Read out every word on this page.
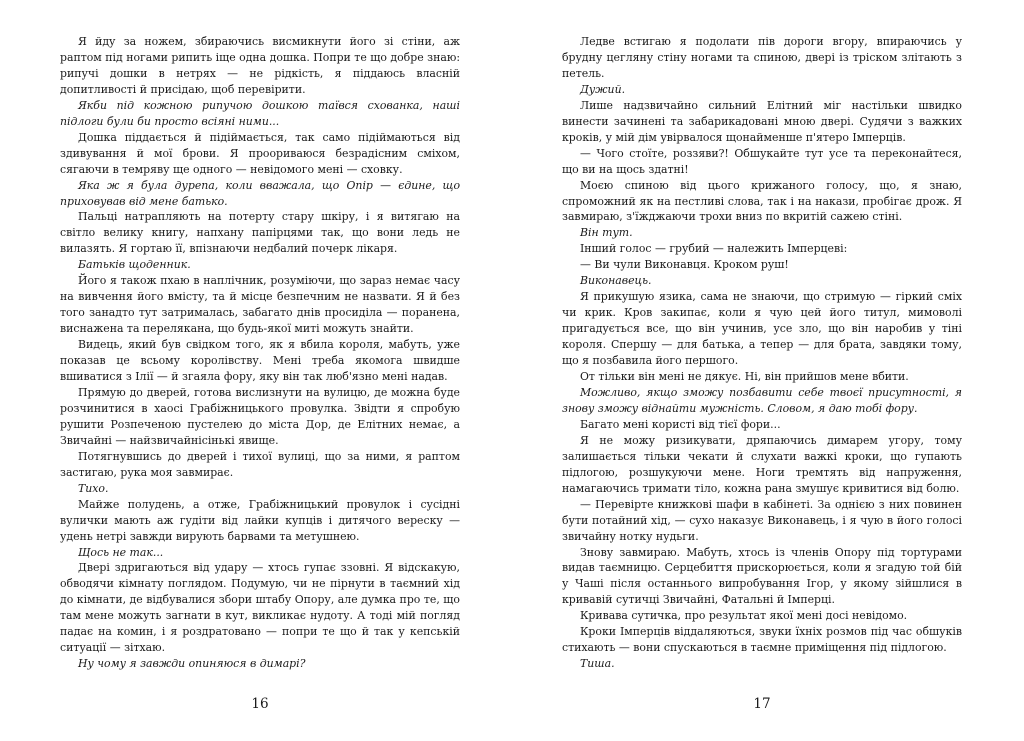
Я йду за ножем, збираючись висмикнути його зі стіни, аж раптом під ногами рипить іще одна дошка. Попри те що добре знаю: рипучі дошки в нетрях — не рідкість, я піддаюсь власній допитливості й присідаю, щоб перевірити.

Якби під кожною рипучою дошкою таївся схованка, наші підлоги були би просто всіяні ними...

Дошка піддається й підіймається, так само підіймаються від здивування й мої брови. Я проориваюся безрадісним сміхом, сягаючи в темряву ще одного — невідомого мені — сховку.

Яка ж я була дурепа, коли вважала, що Опір — єдине, що приховував від мене батько.

Пальці натрапляють на потерту стару шкіру, і я витягаю на світло велику книгу, напхану папірцями так, що вони ледь не вилазять. Я гортаю її, впізнаючи недбалий почерк лікаря.

Батьків щоденник.

Його я також пхаю в наплічник, розуміючи, що зараз немає часу на вивчення його вмісту, та й місце безпечним не назвати. Я й без того занадто тут затрималась, забагато днів просиділа — поранена, виснажена та перелякана, що будь-якої миті можуть знайти.

Видець, який був свідком того, як я вбила короля, мабуть, уже показав це всьому королівству. Мені треба якомога швидше вшиватися з Ілії — й згаяла фору, яку він так люб'язно мені надав.

Прямую до дверей, готова вислизнути на вулицю, де можна буде розчинитися в хаосі Грабіжницького провулка. Звідти я спробую рушити Розпеченою пустелею до міста Дор, де Елітних немає, а Звичайні — найзвичайнісінькі явище.

Потягнувшись до дверей і тихої вулиці, що за ними, я раптом застигаю, рука моя завмирає.

Тихо.

Майже полудень, а отже, Грабіжницький провулок і сусідні вулички мають аж гудіти від лайки купців і дитячого вереску — удень нетрі завжди вирують барвами та метушнею.

Щось не так...

Двері здригаються від удару — хтось гупає ззовні. Я відскакую, обводячи кімнату поглядом. Подумую, чи не пірнути в таємний хід до кімнати, де відбувалися збори штабу Опору, але думка про те, що там мене можуть загнати в кут, викликає нудоту. А тоді мій погляд падає на комин, і я роздратовано — попри те що й так у кепській ситуації — зітхаю.

Ну чому я завжди опиняюся в димарі?

Ледве встигаю я подолати пів дороги вгору, впираючись у брудну цегляну стіну ногами та спиною, двері із тріском злітають з петель.

Дужий.

Лише надзвичайно сильний Елітний міг настільки швидко винести зачинені та забарикадовані мною двері. Судячи з важких кроків, у мій дім увірвалося щонайменше п'ятеро Імперців.

— Чого стоїте, роззяви?! Обшукайте тут усе та переконайтеся, що ви на щось здатні!

Моєю спиною від цього крижаного голосу, що, я знаю, спроможний як на пестливі слова, так і на накази, пробігає дрож. Я завмираю, з'їжджаючи трохи вниз по вкритій сажею стіні.

Він тут.

Інший голос — грубий — належить Імперцеві:

— Ви чули Виконавця. Кроком руш!

Виконавець.

Я прикушую язика, сама не знаючи, що стримую — гіркий сміх чи крик. Кров закипає, коли я чую цей його титул, мимоволі пригадується все, що він учинив, усе зло, що він наробив у тіні короля. Спершу — для батька, а тепер — для брата, завдяки тому, що я позбавила його першого.

От тільки він мені не дякує. Ні, він прийшов мене вбити.

Можливо, якщо зможу позбавити себе твоєї присутності, я знову зможу віднайти мужність. Словом, я даю тобі фору.

Багато мені користі від тієї фори...

Я не можу ризикувати, дряпаючись димарем угору, тому залишається тільки чекати й слухати важкі кроки, що гупають підлогою, розшукуючи мене. Ноги тремтять від напруження, намагаючись тримати тіло, кожна рана змушує кривитися від болю.

— Перевірте книжкові шафи в кабінеті. За однією з них повинен бути потайний хід, — сухо наказує Виконавець, і я чую в його голосі звичайну нотку нудьги.

Знову завмираю. Мабуть, хтось із членів Опору під тортурами видав таємницю. Серцебиття прискорюється, коли я згадую той бій у Чаші після останнього випробування Ігор, у якому зійшлися в кривавій сутичці Звичайні, Фатальні й Імперці.

Кривава сутичка, про результат якої мені досі невідомо.

Кроки Імперців віддаляються, звуки їхніх розмов під час обшуків стихають — вони спускаються в таємне приміщення під підлогою.

Тиша.

16	17
